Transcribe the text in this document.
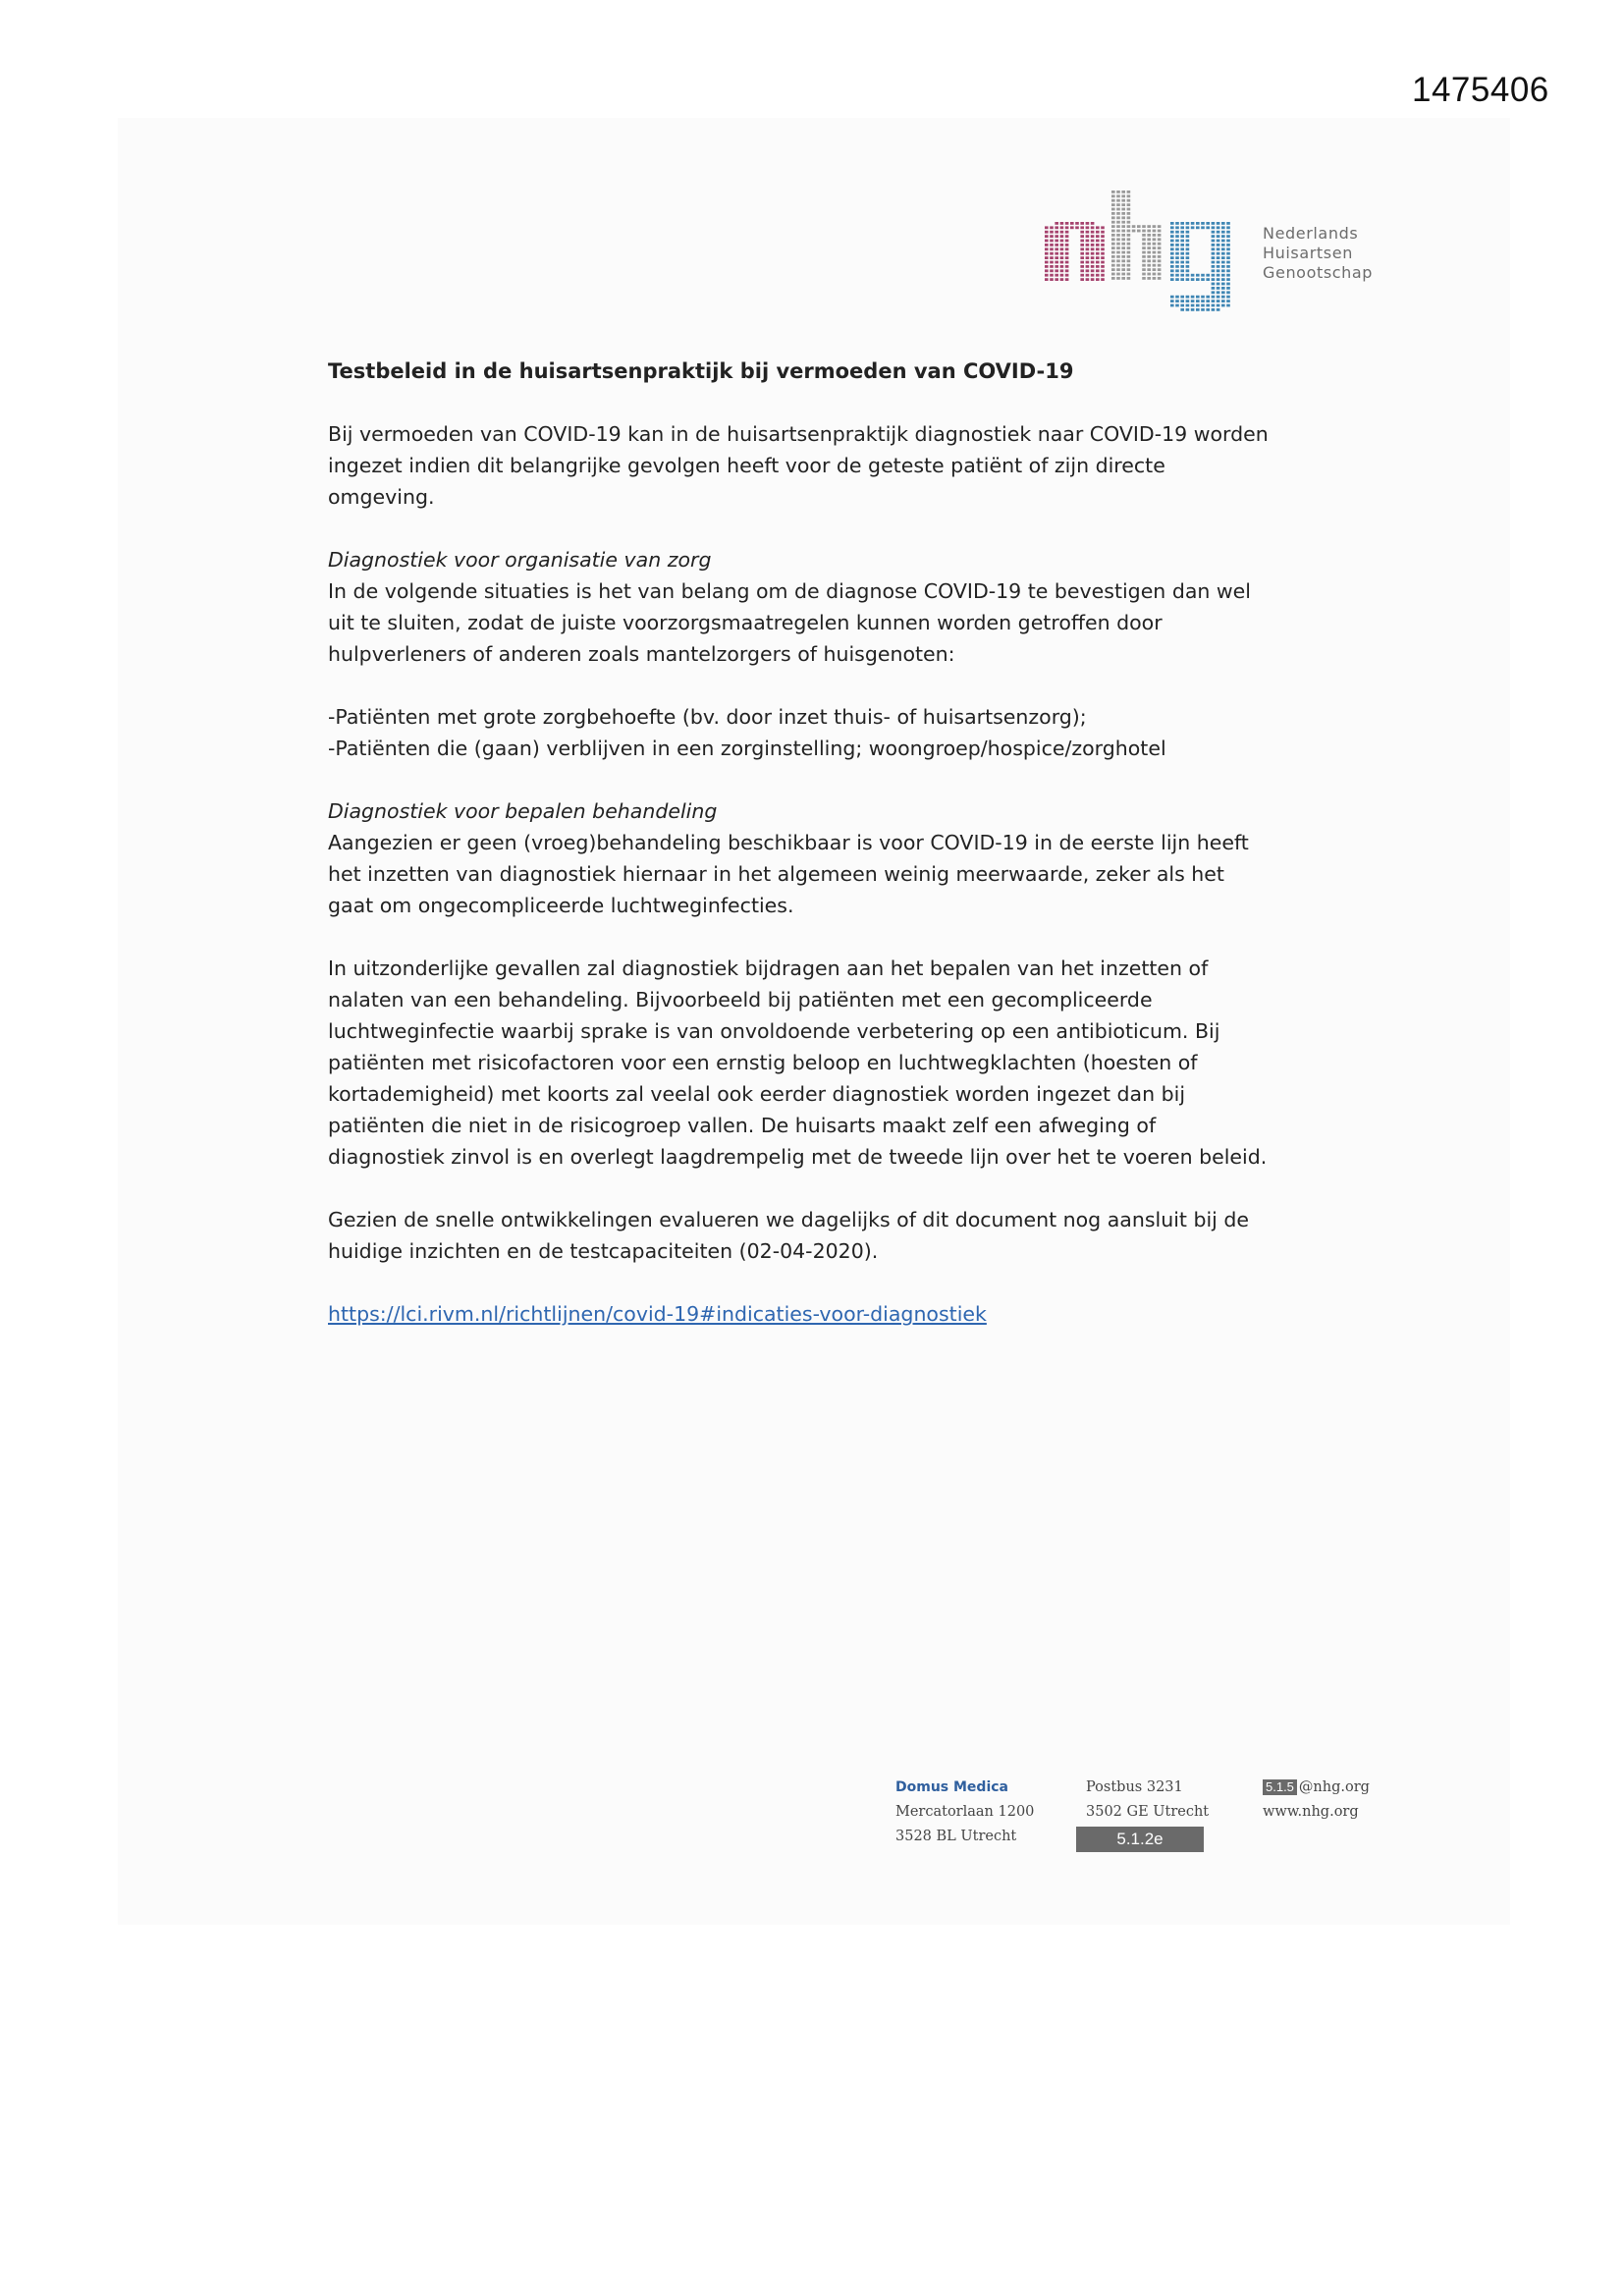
1475406
Nederlands
Huisartsen
Genootschap

Testbeleid in de huisartsenpraktijk bij vermoeden van COVID-19

Bij vermoeden van COVID-19 kan in de huisartsenpraktijk diagnostiek naar COVID-19 worden

ingezet indien dit belangrijke gevolgen heeft voor de geteste patiënt of zijn directe

omgeving.

Diagnostiek voor organisatie van zorg

In de volgende situaties is het van belang om de diagnose COVID-19 te bevestigen dan wel

uit te sluiten, zodat de juiste voorzorgsmaatregelen kunnen worden getroffen door

hulpverleners of anderen zoals mantelzorgers of huisgenoten:

-Patiënten met grote zorgbehoefte (bv. door inzet thuis- of huisartsenzorg);

-Patiënten die (gaan) verblijven in een zorginstelling; woongroep/hospice/zorghotel

Diagnostiek voor bepalen behandeling

Aangezien er geen (vroeg)behandeling beschikbaar is voor COVID-19 in de eerste lijn heeft

het inzetten van diagnostiek hiernaar in het algemeen weinig meerwaarde, zeker als het

gaat om ongecompliceerde luchtweginfecties.

In uitzonderlijke gevallen zal diagnostiek bijdragen aan het bepalen van het inzetten of

nalaten van een behandeling. Bijvoorbeeld bij patiënten met een gecompliceerde

luchtweginfectie waarbij sprake is van onvoldoende verbetering op een antibioticum. Bij

patiënten met risicofactoren voor een ernstig beloop en luchtwegklachten (hoesten of

kortademigheid) met koorts zal veelal ook eerder diagnostiek worden ingezet dan bij

patiënten die niet in de risicogroep vallen. De huisarts maakt zelf een afweging of

diagnostiek zinvol is en overlegt laagdrempelig met de tweede lijn over het te voeren beleid.

Gezien de snelle ontwikkelingen evalueren we dagelijks of dit document nog aansluit bij de

huidige inzichten en de testcapaciteiten (02-04-2020).

https://lci.rivm.nl/richtlijnen/covid-19#indicaties-voor-diagnostiek

Domus Medica
Mercatorlaan 1200
3528 BL Utrecht
Postbus 3231
3502 GE Utrecht
5.1.2e
5.1.5 @nhg.org
www.nhg.org
